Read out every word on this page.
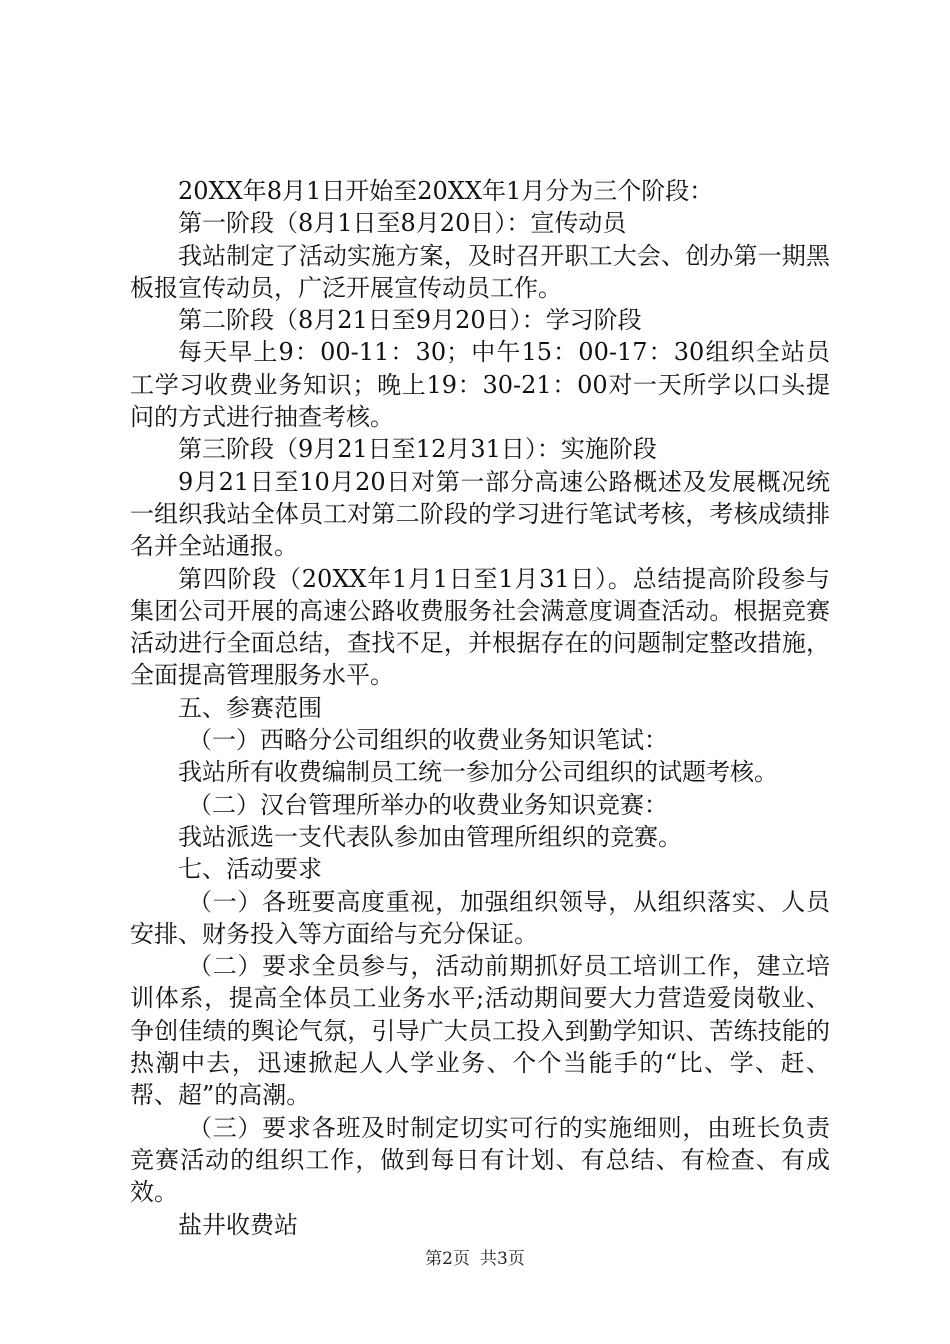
20XX年8月1日开始至20XX年1月分为三个阶段：

第一阶段（8月1日至8月20日）：宣传动员

我站制定了活动实施方案，及时召开职工大会、创办第一期黑板报宣传动员，广泛开展宣传动员工作。

第二阶段（8月21日至9月20日）：学习阶段

每天早上9：00-11：30；中午15：00-17：30组织全站员工学习收费业务知识；晚上19：30-21：00对一天所学以口头提问的方式进行抽查考核。

第三阶段（9月21日至12月31日）：实施阶段

9月21日至10月20日对第一部分高速公路概述及发展概况统一组织我站全体员工对第二阶段的学习进行笔试考核，考核成绩排名并全站通报。

第四阶段（20XX年1月1日至1月31日）。总结提高阶段参与集团公司开展的高速公路收费服务社会满意度调查活动。根据竞赛活动进行全面总结，查找不足，并根据存在的问题制定整改措施，全面提高管理服务水平。

五、参赛范围

（一）西略分公司组织的收费业务知识笔试：

我站所有收费编制员工统一参加分公司组织的试题考核。

（二）汉台管理所举办的收费业务知识竞赛：

我站派选一支代表队参加由管理所组织的竞赛。

七、活动要求

（一）各班要高度重视，加强组织领导，从组织落实、人员安排、财务投入等方面给与充分保证。

（二）要求全员参与，活动前期抓好员工培训工作，建立培训体系，提高全体员工业务水平;活动期间要大力营造爱岗敬业、争创佳绩的舆论气氛，引导广大员工投入到勤学知识、苦练技能的热潮中去，迅速掀起人人学业务、个个当能手的“比、学、赶、帮、超”的高潮。

（三）要求各班及时制定切实可行的实施细则，由班长负责竞赛活动的组织工作，做到每日有计划、有总结、有检查、有成效。

盐井收费站

第2页 共3页
